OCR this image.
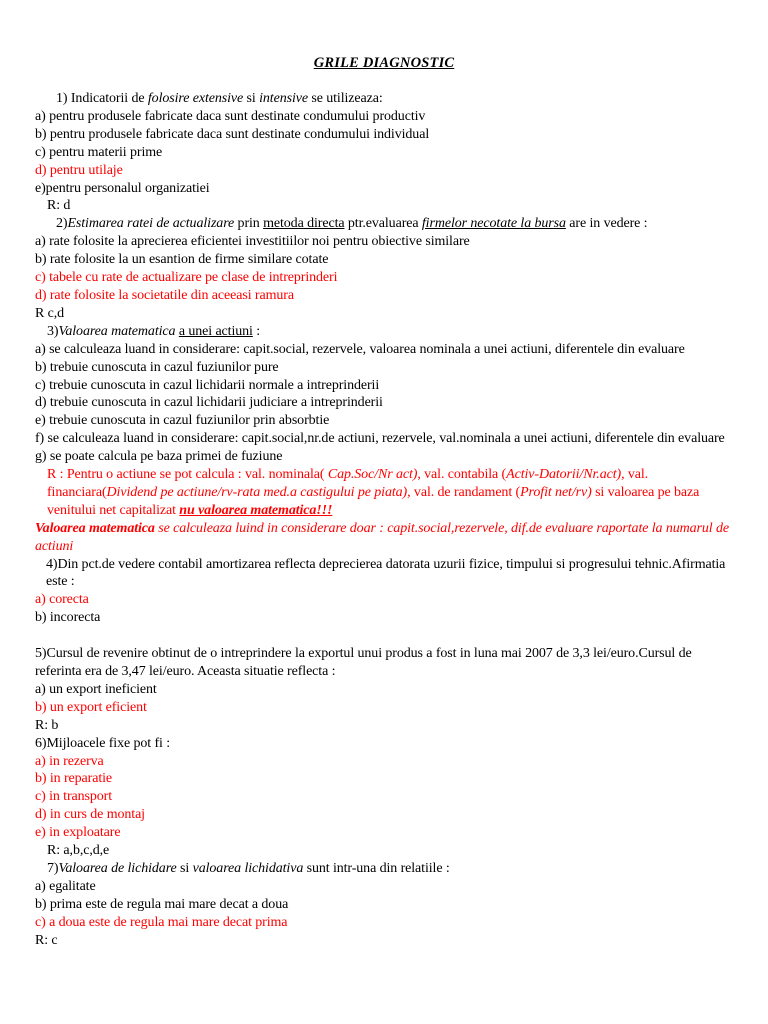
GRILE DIAGNOSTIC
1) Indicatorii de folosire extensive si intensive se utilizeaza:
a) pentru produsele fabricate daca sunt destinate condumului productiv
b) pentru produsele fabricate daca sunt destinate condumului individual
c) pentru materii prime
d) pentru utilaje
e)pentru personalul organizatiei
R: d
2)Estimarea ratei de actualizare prin metoda directa ptr.evaluarea firmelor necotate la bursa are in vedere :
a) rate folosite la aprecierea eficientei investitiilor noi pentru obiective similare
b) rate folosite la un esantion de firme similare cotate
c) tabele cu rate de actualizare pe clase de intreprinderi
d) rate folosite la societatile din aceeasi ramura
R c,d
3)Valoarea matematica a unei actiuni :
a) se calculeaza luand in considerare: capit.social, rezervele, valoarea nominala a unei actiuni, diferentele din evaluare
b) trebuie cunoscuta in cazul fuziunilor pure
c) trebuie cunoscuta in cazul lichidarii normale a intreprinderii
d) trebuie cunoscuta in cazul lichidarii judiciare a intreprinderii
e) trebuie cunoscuta in cazul fuziunilor prin absorbtie
f) se calculeaza luand in considerare: capit.social,nr.de actiuni, rezervele, val.nominala a unei actiuni, diferentele din evaluare
g) se poate calcula pe baza primei de fuziune
R : Pentru o actiune se pot calcula : val. nominala( Cap.Soc/Nr act), val. contabila (Activ-Datorii/Nr.act), val. financiara(Dividend pe actiune/rv-rata med.a castigului pe piata), val. de randament (Profit net/rv) si valoarea pe baza venitului net capitalizat nu valoarea matematica!!!
Valoarea matematica se calculeaza luind in considerare doar : capit.social,rezervele, dif.de evaluare raportate la numarul de actiuni
4)Din pct.de vedere contabil amortizarea reflecta deprecierea datorata uzurii fizice, timpului si progresului tehnic.Afirmatia este :
a) corecta
b) incorecta
5)Cursul de revenire obtinut de o intreprindere la exportul unui produs a fost in luna mai 2007 de 3,3 lei/euro.Cursul de referinta era de 3,47 lei/euro. Aceasta situatie reflecta :
a) un export ineficient
b) un export eficient
R: b
6)Mijloacele fixe pot fi :
a) in rezerva
b) in reparatie
c) in transport
d) in curs de montaj
e) in exploatare
R: a,b,c,d,e
7)Valoarea de lichidare si valoarea lichidativa sunt intr-una din relatiile :
a) egalitate
b) prima este de regula mai mare decat a doua
c) a doua este de regula mai mare decat prima
R: c
